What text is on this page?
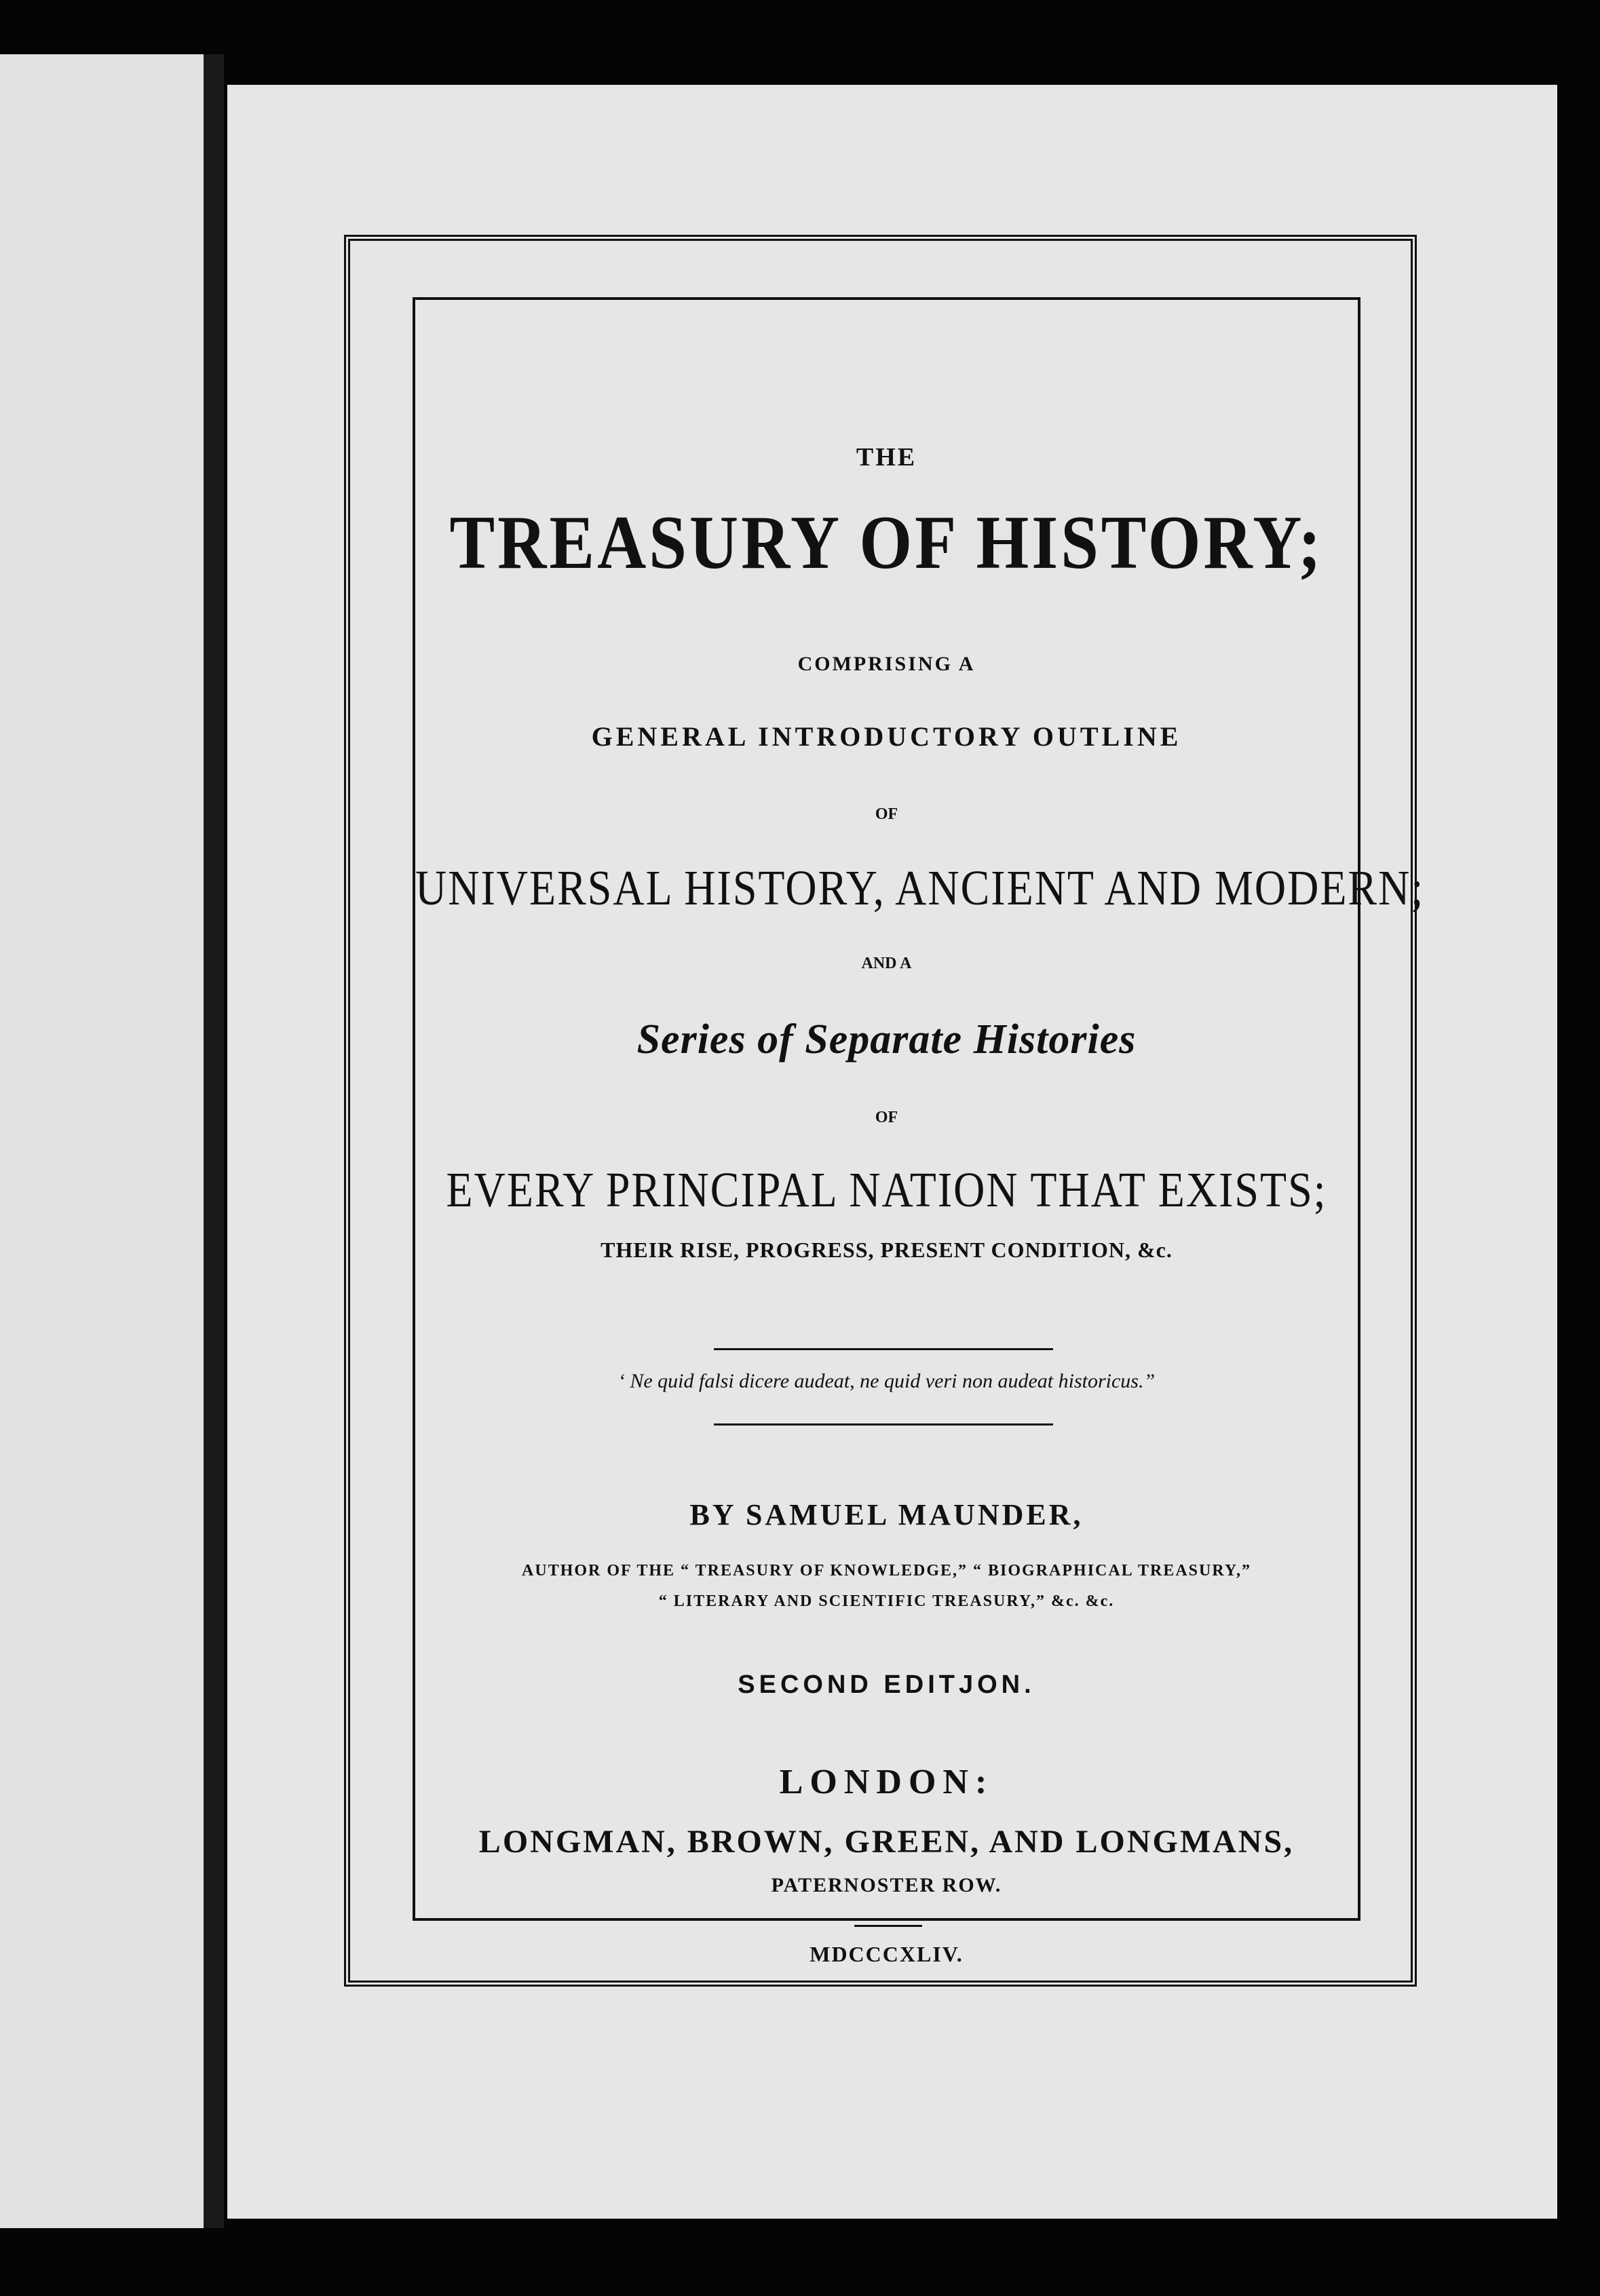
THE
TREASURY OF HISTORY;
COMPRISING A
GENERAL INTRODUCTORY OUTLINE
OF
UNIVERSAL HISTORY, ANCIENT AND MODERN;
AND A
Series of Separate Histories
OF
EVERY PRINCIPAL NATION THAT EXISTS;
THEIR RISE, PROGRESS, PRESENT CONDITION, &c.
‘ Ne quid falsi dicere audeat, ne quid veri non audeat historicus.”
BY SAMUEL MAUNDER,
AUTHOR OF THE “ TREASURY OF KNOWLEDGE,” “ BIOGRAPHICAL TREASURY,”
“ LITERARY AND SCIENTIFIC TREASURY,” &c. &c.
SECOND EDITJON.
LONDON:
LONGMAN, BROWN, GREEN, AND LONGMANS,
PATERNOSTER ROW.
MDCCCXLIV.
